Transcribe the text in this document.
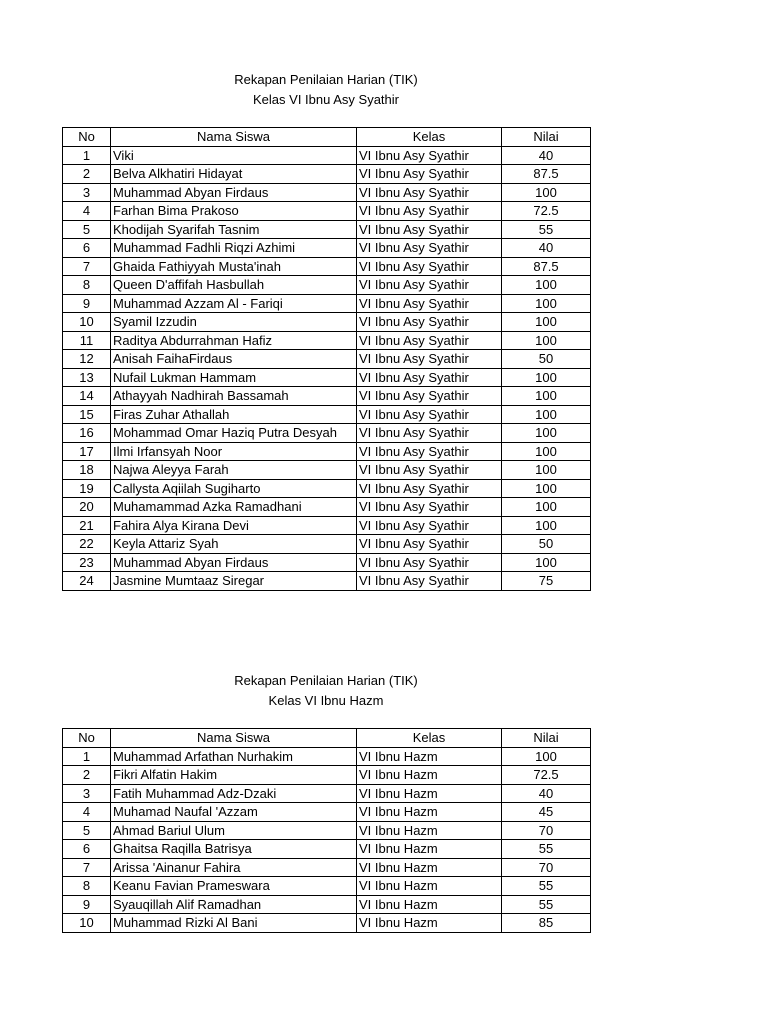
Rekapan Penilaian Harian (TIK)
Kelas VI Ibnu Asy Syathir
No	Nama Siswa	Kelas	Nilai
1	Viki	VI Ibnu Asy Syathir	40
2	Belva Alkhatiri Hidayat	VI Ibnu Asy Syathir	87.5
3	Muhammad Abyan Firdaus	VI Ibnu Asy Syathir	100
4	Farhan Bima Prakoso	VI Ibnu Asy Syathir	72.5
5	Khodijah Syarifah Tasnim	VI Ibnu Asy Syathir	55
6	Muhammad Fadhli Riqzi Azhimi	VI Ibnu Asy Syathir	40
7	Ghaida Fathiyyah Musta'inah	VI Ibnu Asy Syathir	87.5
8	Queen D'affifah Hasbullah	VI Ibnu Asy Syathir	100
9	Muhammad Azzam Al - Fariqi	VI Ibnu Asy Syathir	100
10	Syamil Izzudin	VI Ibnu Asy Syathir	100
11	Raditya Abdurrahman Hafiz	VI Ibnu Asy Syathir	100
12	Anisah FaihaFirdaus	VI Ibnu Asy Syathir	50
13	Nufail Lukman Hammam	VI Ibnu Asy Syathir	100
14	Athayyah Nadhirah Bassamah	VI Ibnu Asy Syathir	100
15	Firas Zuhar Athallah	VI Ibnu Asy Syathir	100
16	Mohammad Omar Haziq Putra Desyah	VI Ibnu Asy Syathir	100
17	Ilmi Irfansyah Noor	VI Ibnu Asy Syathir	100
18	Najwa Aleyya Farah	VI Ibnu Asy Syathir	100
19	Callysta Aqiilah Sugiharto	VI Ibnu Asy Syathir	100
20	Muhamammad Azka Ramadhani	VI Ibnu Asy Syathir	100
21	Fahira Alya Kirana Devi	VI Ibnu Asy Syathir	100
22	Keyla Attariz Syah	VI Ibnu Asy Syathir	50
23	Muhammad Abyan Firdaus	VI Ibnu Asy Syathir	100
24	Jasmine Mumtaaz Siregar	VI Ibnu Asy Syathir	75
Rekapan Penilaian Harian (TIK)
Kelas VI Ibnu Hazm
No	Nama Siswa	Kelas	Nilai
1	Muhammad Arfathan Nurhakim	VI Ibnu Hazm	100
2	Fikri Alfatin Hakim	VI Ibnu Hazm	72.5
3	Fatih Muhammad Adz-Dzaki	VI Ibnu Hazm	40
4	Muhamad Naufal 'Azzam	VI Ibnu Hazm	45
5	Ahmad Bariul Ulum	VI Ibnu Hazm	70
6	Ghaitsa Raqilla Batrisya	VI Ibnu Hazm	55
7	Arissa 'Ainanur Fahira	VI Ibnu Hazm	70
8	Keanu Favian Prameswara	VI Ibnu Hazm	55
9	Syauqillah Alif Ramadhan	VI Ibnu Hazm	55
10	Muhammad Rizki Al Bani	VI Ibnu Hazm	85
